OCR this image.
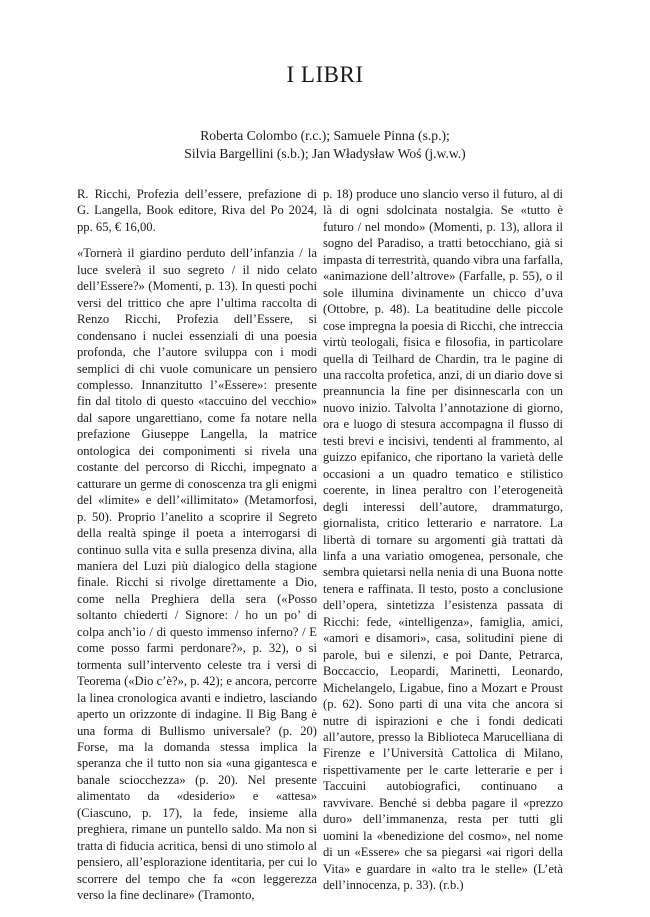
I LIBRI
Roberta Colombo (r.c.); Samuele Pinna (s.p.);
Silvia Bargellini (s.b.); Jan Władysław Woś (j.w.w.)

R. Ricchi, Profezia dell’essere, prefazione di G. Langella, Book editore, Riva del Po 2024, pp. 65, € 16,00.

«Tornerà il giardino perduto dell’infanzia / la luce svelerà il suo segreto / il nido celato dell’Essere?» (Momenti, p. 13). In questi pochi versi del trittico che apre l’ultima raccolta di Renzo Ricchi, Profezia dell’Essere, si condensano i nuclei essenziali di una poesia profonda, che l’autore sviluppa con i modi semplici di chi vuole comunicare un pensiero complesso. Innanzitutto l’«Essere»: presente fin dal titolo di questo «taccuino del vecchio» dal sapore ungarettiano, come fa notare nella prefazione Giuseppe Langella, la matrice ontologica dei componimenti si rivela una costante del percorso di Ricchi, impegnato a catturare un germe di conoscenza tra gli enigmi del «limite» e dell’«illimitato» (Metamorfosi, p. 50). Proprio l’anelito a scoprire il Segreto della realtà spinge il poeta a interrogarsi di continuo sulla vita e sulla presenza divina, alla maniera del Luzi più dialogico della stagione finale. Ricchi si rivolge direttamente a Dio, come nella Preghiera della sera («Posso soltanto chiederti / Signore: / ho un po’ di colpa anch’io / di questo immenso inferno? / E come posso farmi perdonare?», p. 32), o si tormenta sull’intervento celeste tra i versi di Teorema («Dio c’è?», p. 42); e ancora, percorre la linea cronologica avanti e indietro, lasciando aperto un orizzonte di indagine. Il Big Bang è una forma di Bullismo universale? (p. 20) Forse, ma la domanda stessa implica la speranza che il tutto non sia «una gigantesca e banale sciocchezza» (p. 20). Nel presente alimentato da «desiderio» e «attesa» (Ciascuno, p. 17), la fede, insieme alla preghiera, rimane un puntello saldo. Ma non si tratta di fiducia acritica, bensì di uno stimolo al pensiero, all’esplorazione identitaria, per cui lo scorrere del tempo che fa «con leggerezza verso la fine declinare» (Tramonto,

p. 18) produce uno slancio verso il futuro, al di là di ogni sdolcinata nostalgia. Se «tutto è futuro / nel mondo» (Momenti, p. 13), allora il sogno del Paradiso, a tratti betocchiano, già si impasta di terrestrità, quando vibra una farfalla, «animazione dell’altrove» (Farfalle, p. 55), o il sole illumina divinamente un chicco d’uva (Ottobre, p. 48). La beatitudine delle piccole cose impregna la poesia di Ricchi, che intreccia virtù teologali, fisica e filosofia, in particolare quella di Teilhard de Chardin, tra le pagine di una raccolta profetica, anzi, di un diario dove si preannuncia la fine per disinnescarla con un nuovo inizio. Talvolta l’annotazione di giorno, ora e luogo di stesura accompagna il flusso di testi brevi e incisivi, tendenti al frammento, al guizzo epifanico, che riportano la varietà delle occasioni a un quadro tematico e stilistico coerente, in linea peraltro con l’eterogeneità degli interessi dell’autore, drammaturgo, giornalista, critico letterario e narratore. La libertà di tornare su argomenti già trattati dà linfa a una variatio omogenea, personale, che sembra quietarsi nella nenia di una Buona notte tenera e raffinata. Il testo, posto a conclusione dell’opera, sintetizza l’esistenza passata di Ricchi: fede, «intelligenza», famiglia, amici, «amori e disamori», casa, solitudini piene di parole, bui e silenzi, e poi Dante, Petrarca, Boccaccio, Leopardi, Marinetti, Leonardo, Michelangelo, Ligabue, fino a Mozart e Proust (p. 62). Sono parti di una vita che ancora si nutre di ispirazioni e che i fondi dedicati all’autore, presso la Biblioteca Marucelliana di Firenze e l’Università Cattolica di Milano, rispettivamente per le carte letterarie e per i Taccuini autobiografici, continuano a ravvivare. Benché si debba pagare il «prezzo duro» dell’immanenza, resta per tutti gli uomini la «benedizione del cosmo», nel nome di un «Essere» che sa piegarsi «ai rigori della Vita» e guardare in «alto tra le stelle» (L’età dell’innocenza, p. 33). (r.b.)
